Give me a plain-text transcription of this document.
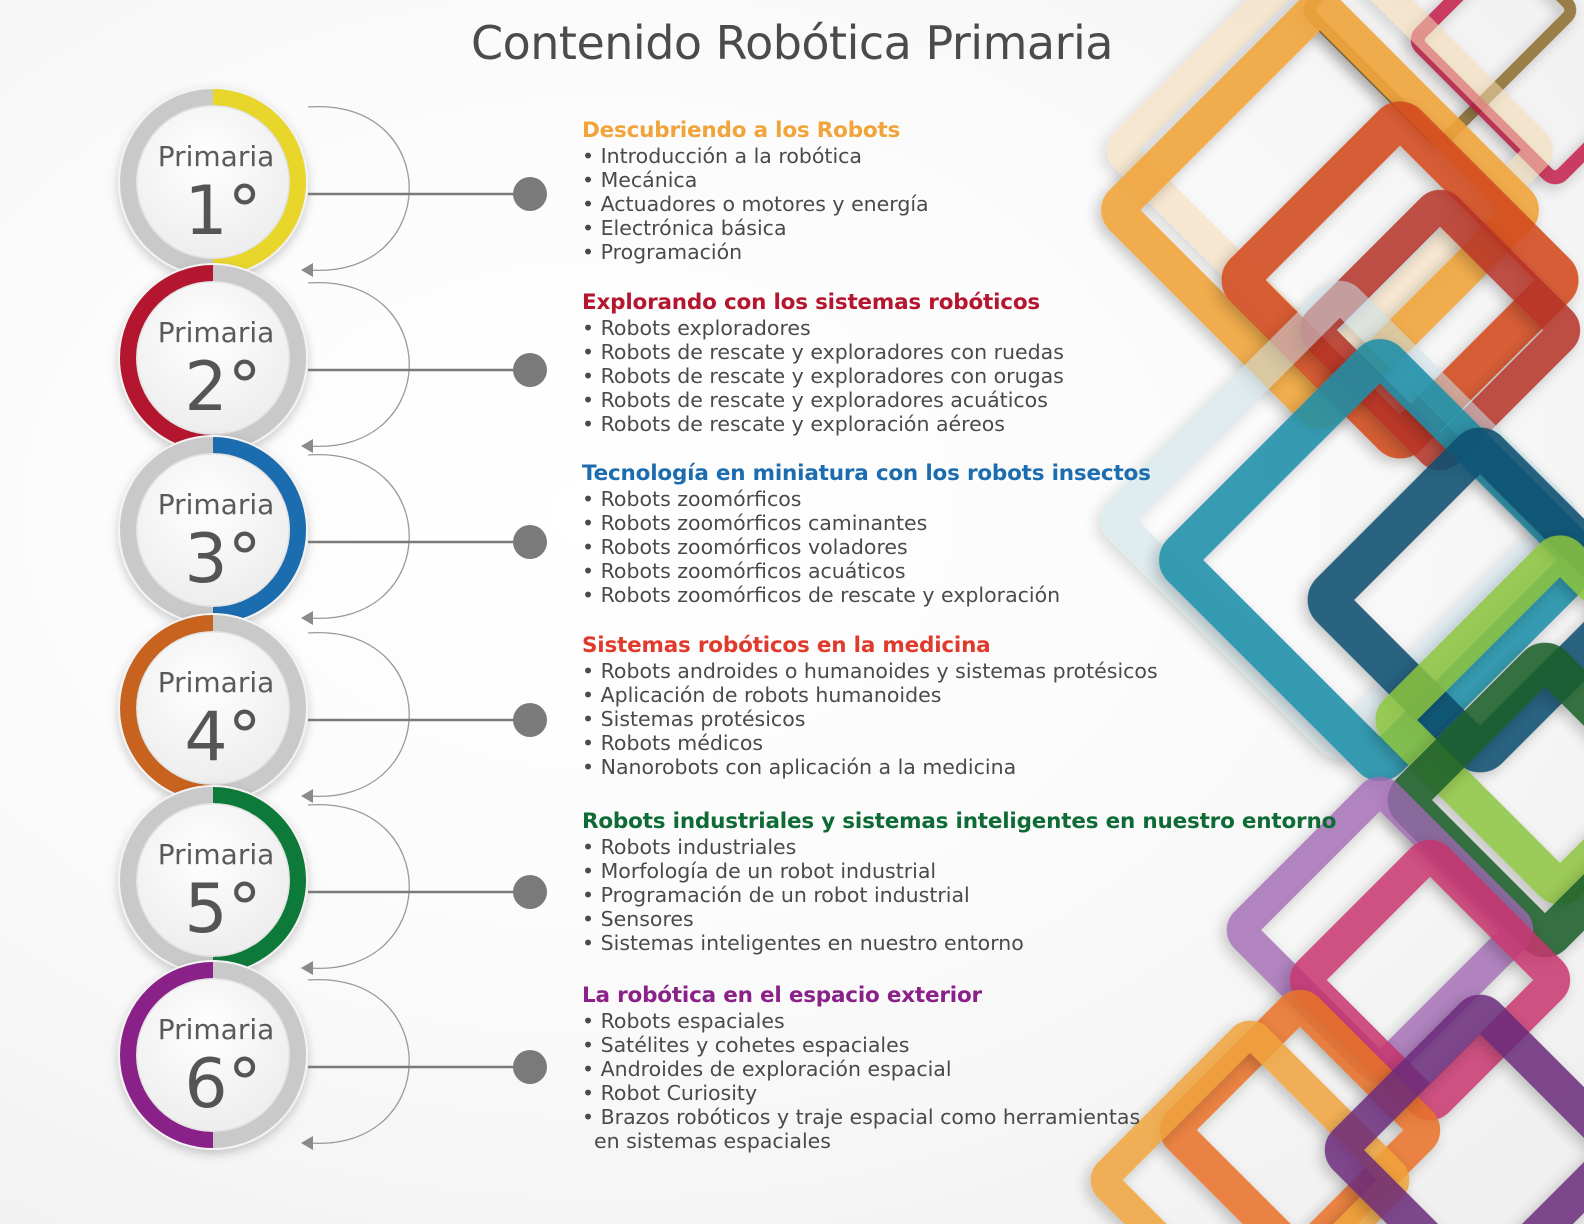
Contenido Robótica Primaria
Primaria
1°
Primaria
2°
Primaria
3°
Primaria
4°
Primaria
5°
Primaria
6°
Descubriendo a los Robots
• Introducción a la robótica
• Mecánica
• Actuadores o motores y energía
• Electrónica básica
• Programación
Explorando con los sistemas robóticos
• Robots exploradores
• Robots de rescate y exploradores con ruedas
• Robots de rescate y exploradores con orugas
• Robots de rescate y exploradores acuáticos
• Robots de rescate y exploración aéreos
Tecnología en miniatura con los robots insectos
• Robots zoomórficos
• Robots zoomórficos caminantes
• Robots zoomórficos voladores
• Robots zoomórficos acuáticos
• Robots zoomórficos de rescate y exploración
Sistemas robóticos en la medicina
• Robots androides o humanoides y sistemas protésicos
• Aplicación de robots humanoides
• Sistemas protésicos
• Robots médicos
• Nanorobots con aplicación a la medicina
Robots industriales y sistemas inteligentes en nuestro entorno
• Robots industriales
• Morfología de un robot industrial
• Programación de un robot industrial
• Sensores
• Sistemas inteligentes en nuestro entorno
La robótica en el espacio exterior
• Robots espaciales
• Satélites y cohetes espaciales
• Androides de exploración espacial
• Robot Curiosity
• Brazos robóticos y traje espacial como herramientas en sistemas espaciales
